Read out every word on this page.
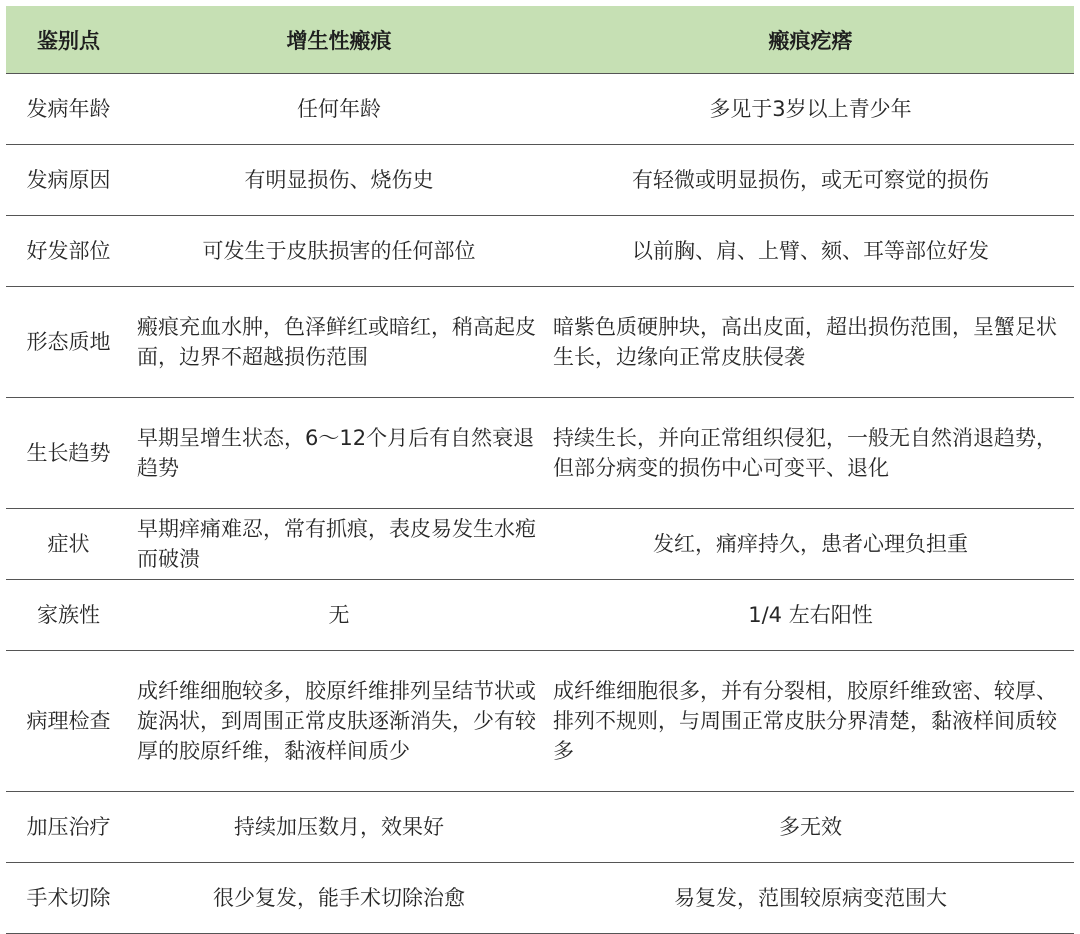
鉴别点	增生性瘢痕	瘢痕疙瘩
发病年龄	任何年龄	多见于3岁以上青少年
发病原因	有明显损伤、烧伤史	有轻微或明显损伤，或无可察觉的损伤
好发部位	可发生于皮肤损害的任何部位	以前胸、肩、上臂、颏、耳等部位好发
形态质地	瘢痕充血水肿，色泽鲜红或暗红，稍高起皮面，边界不超越损伤范围	暗紫色质硬肿块，高出皮面，超出损伤范围，呈蟹足状生长，边缘向正常皮肤侵袭
生长趋势	早期呈增生状态，6～12个月后有自然衰退趋势	持续生长，并向正常组织侵犯，一般无自然消退趋势，但部分病变的损伤中心可变平、退化
症状	早期痒痛难忍，常有抓痕，表皮易发生水疱而破溃	发红，痛痒持久，患者心理负担重
家族性	无	1/4 左右阳性
病理检查	成纤维细胞较多，胶原纤维排列呈结节状或旋涡状，到周围正常皮肤逐渐消失，少有较厚的胶原纤维，黏液样间质少	成纤维细胞很多，并有分裂相，胶原纤维致密、较厚、排列不规则，与周围正常皮肤分界清楚，黏液样间质较多
加压治疗	持续加压数月，效果好	多无效
手术切除	很少复发，能手术切除治愈	易复发，范围较原病变范围大
